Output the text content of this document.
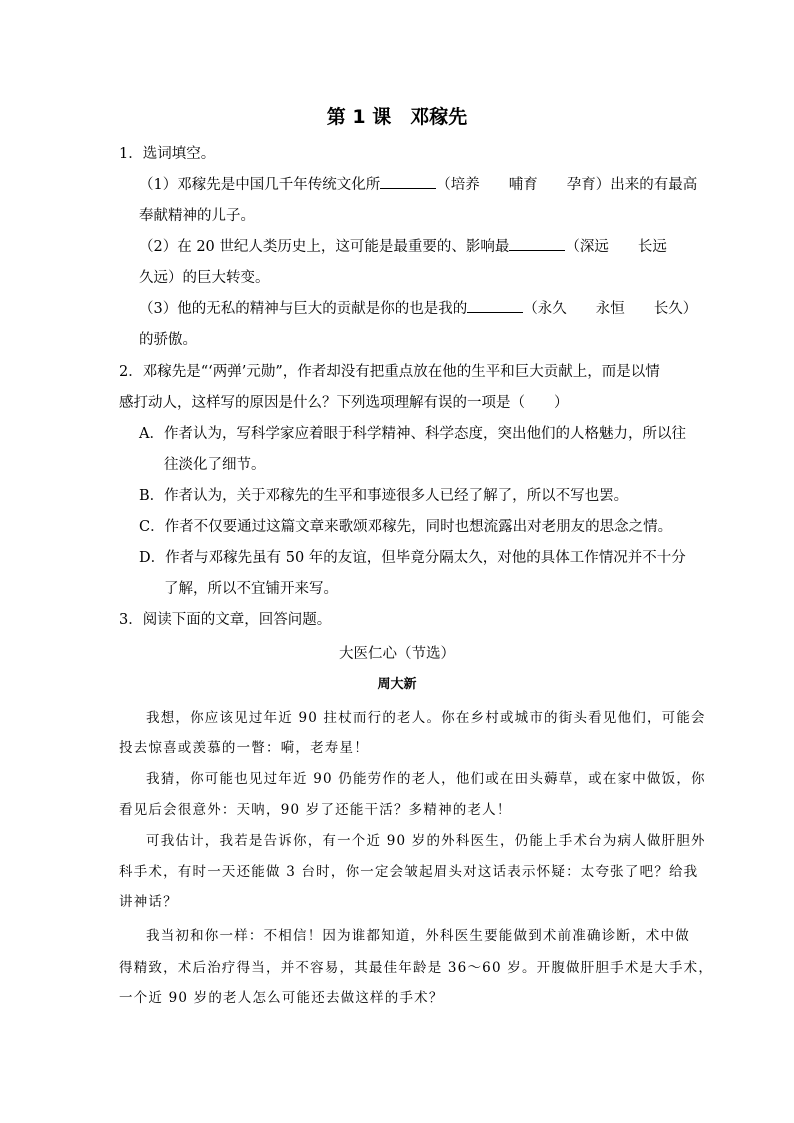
第 1 课　邓稼先
1．选词填空。
（1）邓稼先是中国几千年传统文化所	（培养　　哺育　　孕育）出来的有最高
奉献精神的儿子。
（2）在 20 世纪人类历史上，这可能是最重要的、影响最	（深远　　长远
久远）的巨大转变。
（3）他的无私的精神与巨大的贡献是你的也是我的	（永久　　永恒　　长久）
的骄傲。
2．邓稼先是“‘两弹’元勋”，作者却没有把重点放在他的生平和巨大贡献上，而是以情
感打动人，这样写的原因是什么？下列选项理解有误的一项是（　　）
A．作者认为，写科学家应着眼于科学精神、科学态度，突出他们的人格魅力，所以往
往淡化了细节。
B．作者认为，关于邓稼先的生平和事迹很多人已经了解了，所以不写也罢。
C．作者不仅要通过这篇文章来歌颂邓稼先，同时也想流露出对老朋友的思念之情。
D．作者与邓稼先虽有 50 年的友谊，但毕竟分隔太久，对他的具体工作情况并不十分
了解，所以不宜铺开来写。
3．阅读下面的文章，回答问题。
大医仁心（节选）
周大新
我想，你应该见过年近 90 拄杖而行的老人。你在乡村或城市的街头看见他们，可能会
投去惊喜或羡慕的一瞥：嗬，老寿星！
我猜，你可能也见过年近 90 仍能劳作的老人，他们或在田头薅草，或在家中做饭，你
看见后会很意外：天呐，90 岁了还能干活？多精神的老人！
可我估计，我若是告诉你，有一个近 90 岁的外科医生，仍能上手术台为病人做肝胆外
科手术，有时一天还能做 3 台时，你一定会皱起眉头对这话表示怀疑：太夸张了吧？给我
讲神话？
我当初和你一样：不相信！因为谁都知道，外科医生要能做到术前准确诊断，术中做
得精致，术后治疗得当，并不容易，其最佳年龄是 36～60 岁。开腹做肝胆手术是大手术，
一个近 90 岁的老人怎么可能还去做这样的手术？
